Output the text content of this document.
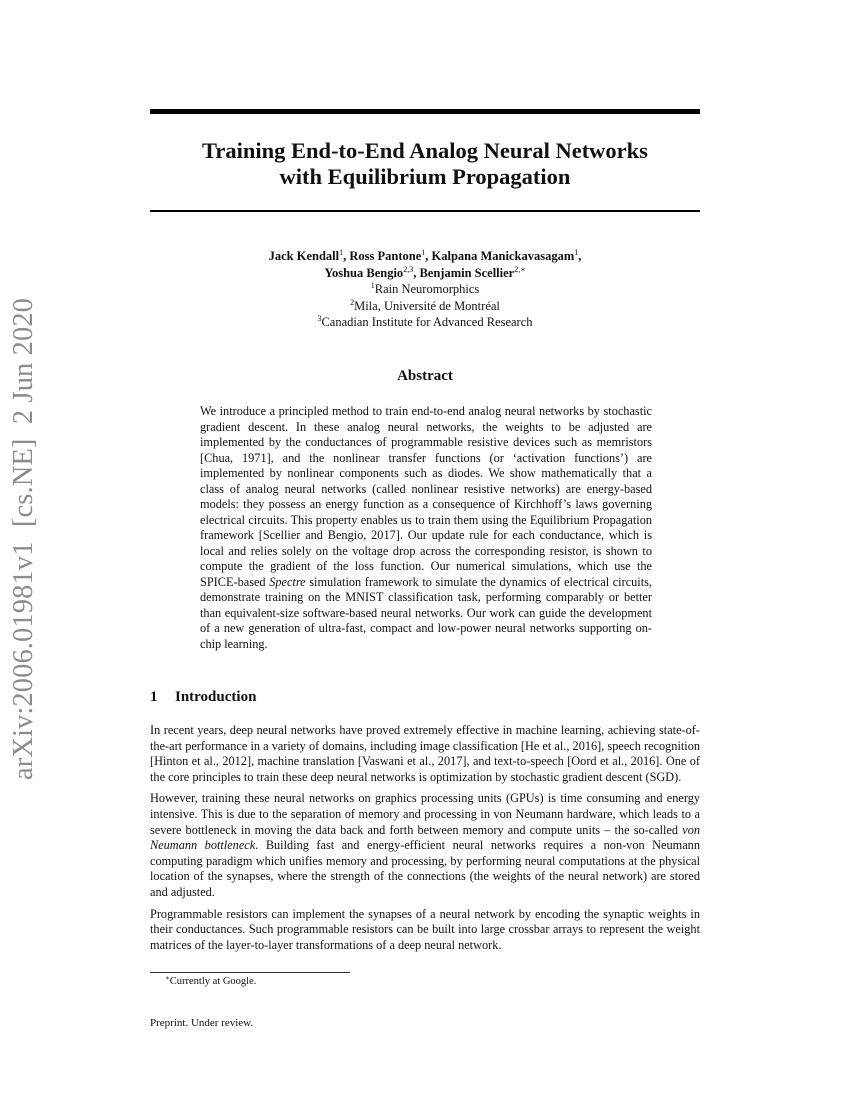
arXiv:2006.01981v1  [cs.NE]  2 Jun 2020
Training End-to-End Analog Neural Networks
with Equilibrium Propagation
Jack Kendall$^1$, Ross Pantone$^1$, Kalpana Manickavasagam$^1$,
Yoshua Bengio$^{2,3}$, Benjamin Scellier$^{2,∗}$
$^1$Rain Neuromorphics
$^2$Mila, Université de Montréal
$^3$Canadian Institute for Advanced Research
Abstract
We introduce a principled method to train end-to-end analog neural networks by stochastic gradient descent. In these analog neural networks, the weights to be adjusted are implemented by the conductances of programmable resistive devices such as memristors [Chua, 1971], and the nonlinear transfer functions (or ‘activation functions’) are implemented by nonlinear components such as diodes. We show mathematically that a class of analog neural networks (called nonlinear resistive networks) are energy-based models: they possess an energy function as a consequence of Kirchhoff’s laws governing electrical circuits. This property enables us to train them using the Equilibrium Propagation framework [Scellier and Bengio, 2017]. Our update rule for each conductance, which is local and relies solely on the voltage drop across the corresponding resistor, is shown to compute the gradient of the loss function. Our numerical simulations, which use the SPICE-based Spectre simulation framework to simulate the dynamics of electrical circuits, demonstrate training on the MNIST classification task, performing comparably or better than equivalent-size software-based neural networks. Our work can guide the development of a new generation of ultra-fast, compact and low-power neural networks supporting on-chip learning.
1 Introduction

In recent years, deep neural networks have proved extremely effective in machine learning, achieving state-of-the-art performance in a variety of domains, including image classification [He et al., 2016], speech recognition [Hinton et al., 2012], machine translation [Vaswani et al., 2017], and text-to-speech [Oord et al., 2016]. One of the core principles to train these deep neural networks is optimization by stochastic gradient descent (SGD).

However, training these neural networks on graphics processing units (GPUs) is time consuming and energy intensive. This is due to the separation of memory and processing in von Neumann hardware, which leads to a severe bottleneck in moving the data back and forth between memory and compute units – the so-called von Neumann bottleneck. Building fast and energy-efficient neural networks requires a non-von Neumann computing paradigm which unifies memory and processing, by performing neural computations at the physical location of the synapses, where the strength of the connections (the weights of the neural network) are stored and adjusted.

Programmable resistors can implement the synapses of a neural network by encoding the synaptic weights in their conductances. Such programmable resistors can be built into large crossbar arrays to represent the weight matrices of the layer-to-layer transformations of a deep neural network.

∗Currently at Google.
Preprint. Under review.
